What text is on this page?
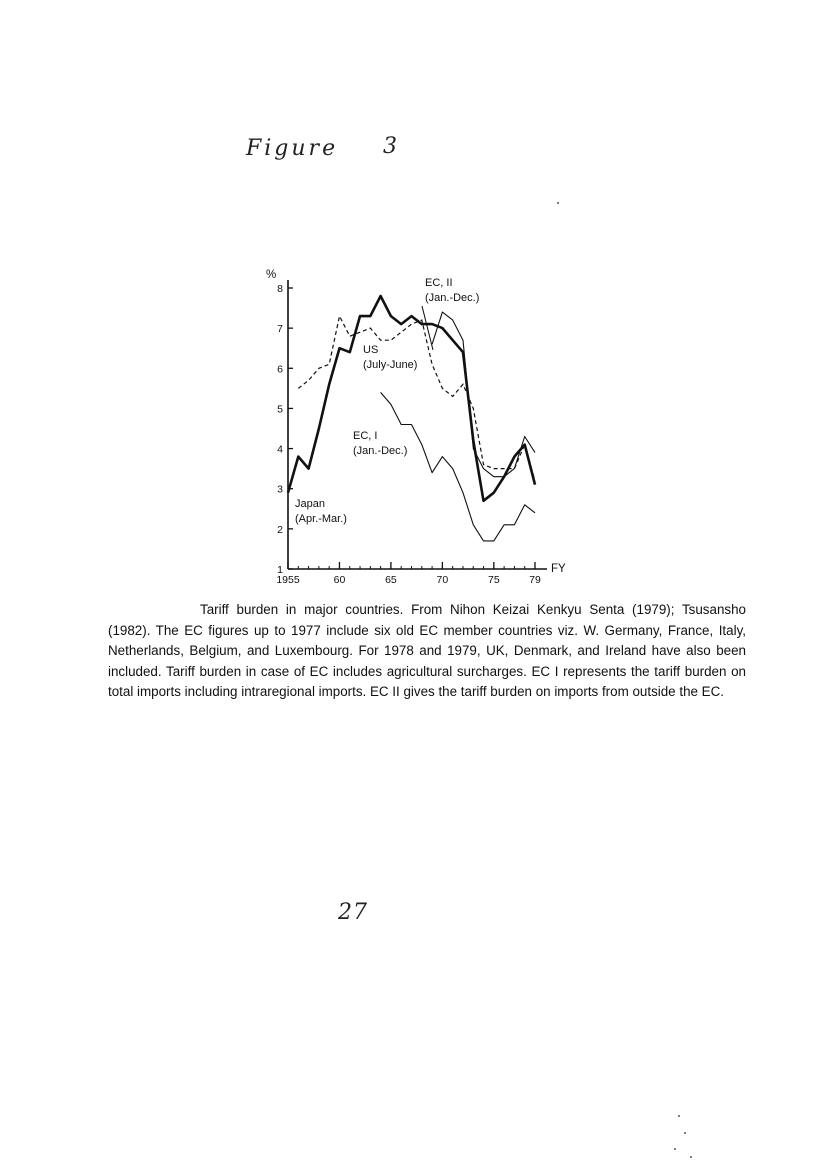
Figure 3
1
2
3
4
5
6
7
8
%
1955	60	65	70	75	79
FY
Japan
(Apr.-Mar.)
US
(July-June)
EC, I
(Jan.-Dec.)
EC, II
(Jan.-Dec.)
Tariff burden in major countries. From Nihon Keizai Kenkyu Senta (1979); Tsusansho (1982). The EC figures up to 1977 include six old EC member countries viz. W. Germany, France, Italy, Netherlands, Belgium, and Luxembourg. For 1978 and 1979, UK, Denmark, and Ireland have also been included. Tariff burden in case of EC includes agricultural surcharges. EC I represents the tariff burden on total imports including intraregional imports. EC II gives the tariff burden on imports from outside the EC.
27
